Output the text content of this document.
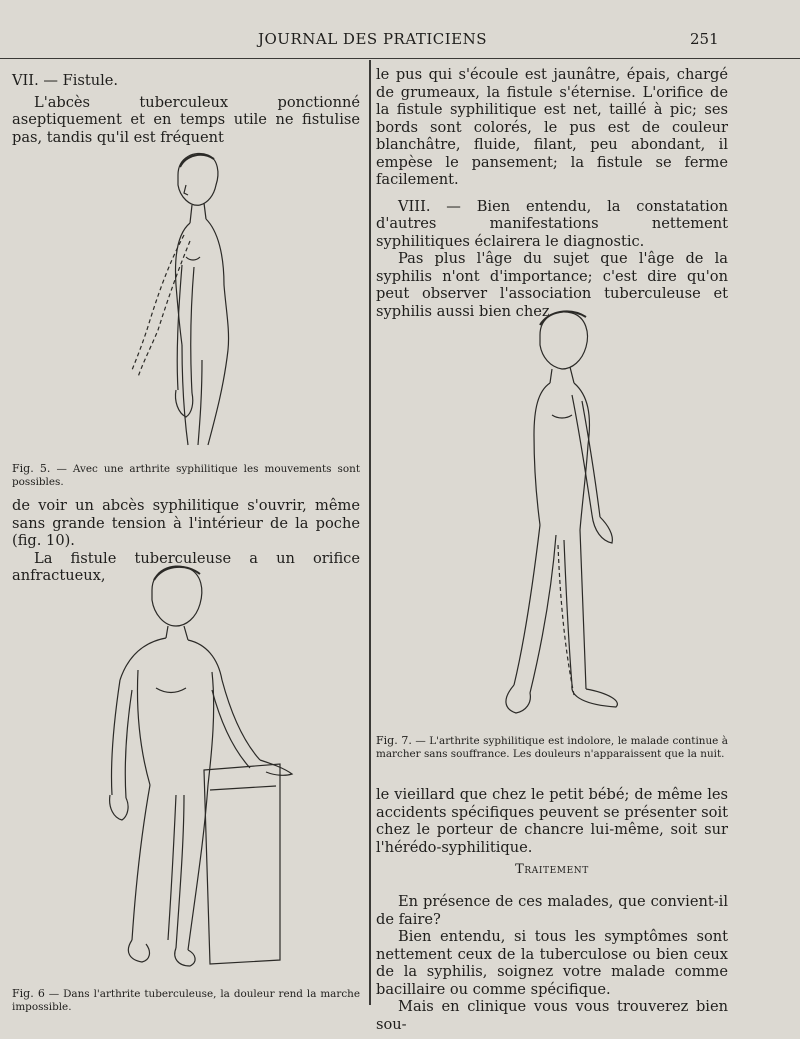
JOURNAL DES PRATICIENS	251

VII. — Fistule.

L'abcès tuberculeux ponctionné aseptiquement et en temps utile ne fistulise pas, tandis qu'il est fréquent

Fig. 5. — Avec une arthrite syphilitique les mouvements sont possibles.

de voir un abcès syphilitique s'ouvrir, même sans grande tension à l'intérieur de la poche (fig. 10).

La fistule tuberculeuse a un orifice anfractueux,

Fig. 6 — Dans l'arthrite tuberculeuse, la douleur rend la marche impossible.

le pus qui s'écoule est jaunâtre, épais, chargé de grumeaux, la fistule s'éternise. L'orifice de la fistule syphilitique est net, taillé à pic; ses bords sont colorés, le pus est de couleur blanchâtre, fluide, filant, peu abondant, il empèse le pansement; la fistule se ferme facilement.

VIII. — Bien entendu, la constatation d'autres manifestations nettement syphilitiques éclairera le diagnostic.

Pas plus l'âge du sujet que l'âge de la syphilis n'ont d'importance; c'est dire qu'on peut observer l'association tuberculeuse et syphilis aussi bien chez

Fig. 7. — L'arthrite syphilitique est indolore, le malade continue à marcher sans souffrance. Les douleurs n'apparaissent que la nuit.

le vieillard que chez le petit bébé; de même les accidents spécifiques peuvent se présenter soit chez le porteur de chancre lui-même, soit sur l'hérédo-syphilitique.

Traitement

En présence de ces malades, que convient-il de faire?

Bien entendu, si tous les symptômes sont nettement ceux de la tuberculose ou bien ceux de la syphilis, soignez votre malade comme bacillaire ou comme spécifique.

Mais en clinique vous vous trouverez bien sou-
